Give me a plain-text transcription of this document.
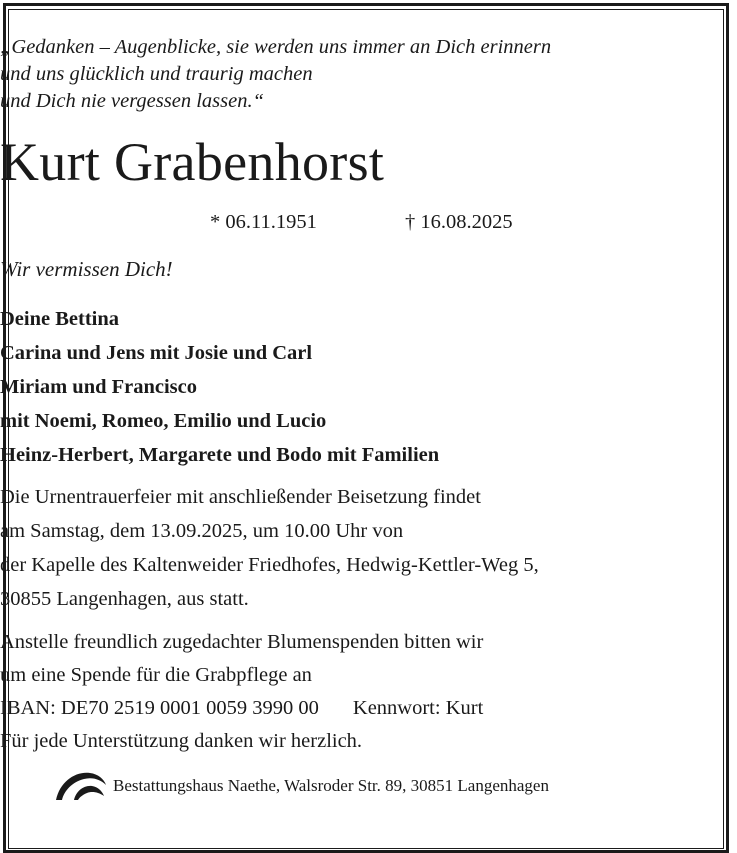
„Gedanken – Augenblicke, sie werden uns immer an Dich erinnern
und uns glücklich und traurig machen
und Dich nie vergessen lassen.“
Kurt Grabenhorst
* 06.11.1951	† 16.08.2025
Wir vermissen Dich!
Deine Bettina
Carina und Jens mit Josie und Carl
Miriam und Francisco
mit Noemi, Romeo, Emilio und Lucio
Heinz-Herbert, Margarete und Bodo mit Familien
Die Urnentrauerfeier mit anschließender Beisetzung findet
am Samstag, dem 13.09.2025, um 10.00 Uhr von
der Kapelle des Kaltenweider Friedhofes, Hedwig-Kettler-Weg 5,
30855 Langenhagen, aus statt.
Anstelle freundlich zugedachter Blumenspenden bitten wir
um eine Spende für die Grabpflege an
IBAN: DE70 2519 0001 0059 3990 00 Kennwort: Kurt
Für jede Unterstützung danken wir herzlich.
Bestattungshaus Naethe, Walsroder Str. 89, 30851 Langenhagen
